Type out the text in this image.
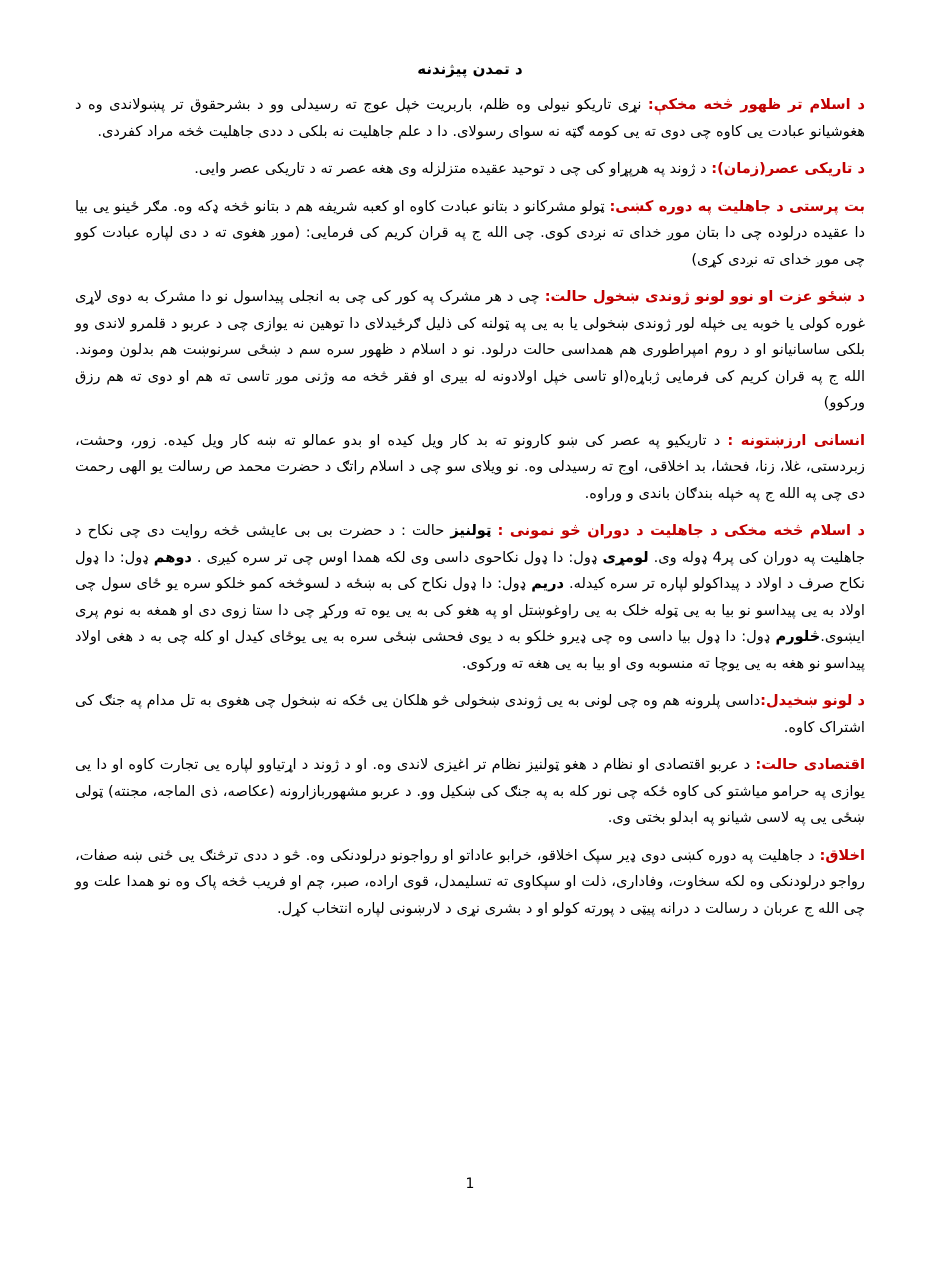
د تمدن پیژندنه

د اسلام تر ظهور څخه مخکې: نړی تاریکو نیولی وه ظلم، باربریت خپل عوج ته رسیدلی وو د بشرحقوق تر پښولاندی وه د هغوشیانو عبادت یی کاوه چی دوی ته یی کومه ګټه نه سوای رسولای. دا د علم جاهلیت نه بلکی د ددی جاهلیت څخه مراد کفردی.

د تاریکی عصر(زمان): د ژوند په هرپړاو کی چی د توحید عقیده متزلزله وی هغه عصر ته د تاریکی عصر وایی.

بت پرستی د جاهلیت په دوره کښی: ټولو مشرکانو د بتانو عبادت کاوه او کعبه شریفه هم د بتانو څخه ډکه وه. مګر ځینو یی بیا دا عقیده درلوده چی دا بتان موږ خدای ته نږدی کوی. چی الله ج په قران کریم کی فرمایی: (موږ هغوی ته د دی لپاره عبادت کوو چی موږ خدای ته نږدی کړی)

د ښځو عزت او نوو لونو ژوندی ښخول حالت: چی د هر مشرک په کور کی چی به انجلی پیداسول نو دا مشرک به دوی لاړی غوره کولی یا خوبه یی خپله لور ژوندی ښخولی یا به یی په ټولنه کی ذلیل ګرځیدلای دا توهین نه یوازی چی د عربو د قلمرو لاندی وو بلکی ساسانیانو او د روم امپراطوری هم همداسی حالت درلود. نو د اسلام د ظهور سره سم د ښځی سرنوښت هم بدلون وموند. الله ج په قران کریم کی فرمایی ژباړه(او تاسی خپل اولادونه له بیری او فقر څخه مه وژنی موږ تاسی ته هم او دوی ته هم رزق ورکوو)

انسانی ارزښتونه : د تاریکیو په عصر کی ښو کارونو ته بد کار ویل کیده او بدو عمالو ته ښه کار ویل کیده. زور، وحشت، زبردستی، غلا، زنا، فحشا، بد اخلاقی، اوج ته رسیدلی وه. نو ویلای سو چی د اسلام راتګ د حضرت محمد ص رسالت یو الهی رحمت دی چی په الله ج په خپله بندګان باندی و وراوه.

د اسلام څخه مخکی د جاهلیت د دوران څو نمونی : ټولنیز حالت : د حضرت بی بی عایشی څخه روایت دی چی نکاح د جاهلیت په دوران کی پر4 ډوله وی. لومړی ډول: دا ډول نکاحوی داسی وی لکه همدا اوس چی تر سره کیږی . دوهم ډول: دا ډول نکاح صرف د اولاد د پیداکولو لپاره تر سره کیدله. دریم ډول: دا ډول نکاح کی به ښځه د لسوڅخه کمو خلکو سره یو ځای سول چی اولاد به یی پیداسو نو بیا به یی ټوله خلک به یی راوغوښتل او په هغو کی به یی یوه ته ورکړ چی دا ستا زوی دی او همغه به نوم پری ایښوی.څلورم ډول: دا ډول بیا داسی وه چی ډیرو خلکو به د یوی فحشی ښځی سره به یی یوځای کیدل او کله چی به د هغی اولاد پیداسو نو هغه به یی یوچا ته منسوبه وی او بیا به یی هغه ته ورکوی.

د لونو ښخیدل:داسی پلرونه هم وه چی لونی به یی ژوندی ښخولی څو هلکان یی ځکه نه ښخول چی هغوی به تل مدام په جنګ کی اشتراک کاوه.

اقتصادی حالت: د عربو اقتصادی او نظام د هغو ټولنیز نظام تر اغیزی لاندی وه. او د ژوند د اړتیاوو لپاره یی تجارت کاوه او دا یی یوازی په حرامو میاشتو کی کاوه ځکه چی نور کله به په جنګ کی ښکیل وو. د عربو مشهوربازارونه (عکاصه، ذی الماجه، مجنته) ټولی ښځی یی په لاسی شیانو په ابدلو بختی وی.

اخلاق: د جاهلیت په دوره کښی دوی ډیر سپک اخلاقو، خرابو عاداتو او رواجونو درلودنکی وه. څو د ددی ترڅنګ یی ځنی ښه صفات، رواجو درلودنکی وه لکه سخاوت، وفاداری، ذلت او سپکاوی ته تسلیمدل، قوی اراده، صبر، چم او فریب څخه پاک وه نو همدا علت وو چی الله ج عربان د رسالت د درانه پیټی د پورته کولو او د بشری نړی د لارښونی لپاره انتخاب کړل.

1
